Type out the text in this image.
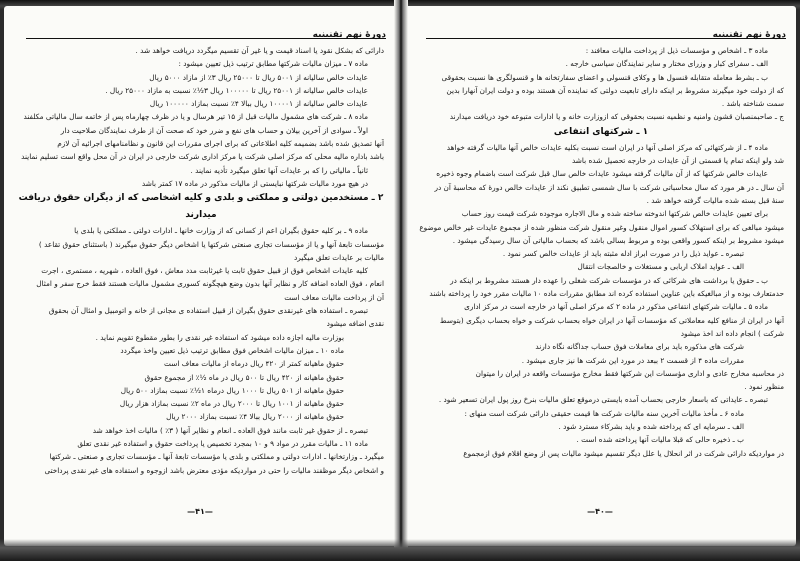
دورهٔ نهم تقنینیه
دارائی که بشکل نقود یا اسناد قیمت و یا غیر آن تقسیم میگردد دریافت خواهد شد .
ماده ۷ ـ میزان مالیات شرکتها مطابق ترتیب ذیل تعیین میشود :
عایدات خالص سالیانه از ۵۰۰۱ ریال تا ۲۵۰۰۰ ریال ۳٪ از مازاد ۵۰۰۰ ریال
عایدات خالص سالیانه از ۲۵۰۰۱ ریال تا ۱۰۰۰۰۰ ریال ۳½٪ نسبت به مازاد ۲۵۰۰۰ ریال .
عایدات خالص سالیانه از ۱۰۰۰۰۱ ریال ببالا ۴٪ نسبت بمازاد ۱۰۰۰۰۰ ریال
ماده ۸ ـ شرکت های مشمول مالیات قبل از ۱۵ تیر هرسال و یا در ظرف چهارماه پس از خاتمه سال مالیاتی مکلفند
اولاً ـ سوادی از آخرین بیلان و حساب های نفع و ضرر خود که صحت آن از طرف نمایندگان صلاحیت دار
آنها تصدیق شده باشد بضمیمه کلیه اطلاعاتی که برای اجرای مقررات این قانون و نظامنامهای اجرائیه آن لازم
باشد باداره مالیه محلی که مرکز اصلی شرکت یا مرکز اداری شرکت خارجی در ایران در آن محل واقع است تسلیم نمایند
ثانیاً ـ مالیاتی را که بر عایدات آنها تعلق میگیرد تأدیه نمایند .
در هیچ مورد مالیات شرکتها نبایستی از مالیات مذکور در ماده ۱۷ کمتر باشد
۲ ـ مستخدمین دولتی و مملکتی و بلدی و کلیه اشخاصی که از دیگران حقوق دریافت میدارند
ماده ۹ ـ بر کلیه حقوق بگیران اعم از کسانی که از وزارت خانها ـ ادارات دولتی ـ مملکتی یا بلدی یا
مؤسسات تابعهٔ آنها و یا از مؤسسات تجاری صنعتی شرکتها یا اشخاص دیگر حقوق میگیرند ( باستثنای حقوق تقاعد )
مالیات بر عایدات تعلق میگیرد
کلیه عایدات اشخاص فوق از قبیل حقوق ثابت یا غیرثابت مدد معاش ، فوق العاده ، شهریه ، مستمری ، اجرت
انعام ، فوق العاده اضافه کار و نظایر آنها بدون وضع هیچگونه کسوری مشمول مالیات هستند فقط خرج سفر و امثال
آن از پرداخت مالیات معاف است
تبصره ـ استفاده های غیرنقدی حقوق بگیران از قبیل استفاده ی مجانی از خانه و اتومبیل و امثال آن بحقوق
نقدی اضافه میشود
بوزارت مالیه اجازه داده میشود که استفاده غیر نقدی را بطور مقطوع تقویم نماید .
ماده ۱۰ ـ میزان مالیات اشخاص فوق مطابق ترتیب ذیل تعیین واخذ میگردد
حقوق ماهیانه کمتر از ۴۲۰ ریال درماه از مالیات معاف است
حقوق ماهیانه از ۴۲۰ ریال تا ۵۰۰ ریال در ماه ½٪ از مجموع حقوق
حقوق ماهیانه از ۵۰۱ ریال تا ۱۰۰۰ ریال درماه ۱½٪ نسبت بمازاد ۵۰۰ ریال
حقوق ماهیانه از ۱۰۰۱ ریال تا ۲۰۰۰ ریال در ماه ۲٪ نسبت بمازاد هزار ریال
حقوق ماهیانه از ۲۰۰۰ ریال ببالا ۴٪ نسبت بمازاد ۲۰۰۰ ریال
تبصره ـ از حقوق غیر ثابت مانند فوق العاده ـ انعام و نظایر آنها ( ۳٪ ) مالیات اخذ خواهد شد
ماده ۱۱ ـ مالیات مقرر در مواد ۹ و ۱۰ بمجرد تخصیص یا پرداخت حقوق و استفاده غیر نقدی تعلق
میگیرد ـ وزارتخانها ـ ادارات دولتی و مملکتی و بلدی یا مؤسسات تابعهٔ آنها ـ مؤسسات تجاری و صنعتی ـ شرکتها
و اشخاص دیگر موظفند مالیات را حتی در مواردیکه مؤدی معترض باشد ازوجوه و استفاده های غیر نقدی پرداختی
—۴۱—
دورهٔ نهم تقنینیه
ماده ۳ ـ اشخاص و مؤسسات ذیل از پرداخت مالیات معافند :
الف ـ سفرای کبار و وزرای مختار و سایر نمایندگان سیاسی خارجه .
ب ـ بشرط معامله متقابله قنسول ها و وکلای قنسولی و اعضای سفارتخانه ها و قنسولگری ها نسبت بحقوقی
که از دولت خود میگیرند مشروط بر اینکه دارای تابعیت دولتی که نماینده آن هستند بوده و دولت ایران آنهارا بدین
سمت شناخته باشد .
ج ـ صاحبمنصبان قشون وامنیه و نظمیه نسبت بحقوقی که ازوزارت خانه و یا ادارات متبوعه خود دریافت میدارند
۱ ـ شرکتهای انتفاعی
ماده ۴ ـ از شرکتهائی که مرکز اصلی آنها در ایران است نسبت بکلیه عایدات خالص آنها مالیات گرفته خواهد
شد ولو اینکه تمام یا قسمتی از آن عایدات در خارجه تحصیل شده باشد
عایدات خالص شرکتها که از آن مالیات گرفته میشود عایدات خالص سال قبل شرکت است باضمام وجوه ذخیره
آن سال ـ در هر مورد که سال محاسباتی شرکت با سال شمسی تطبیق نکند از عایدات خالص دورهٔ که محاسبهٔ آن در
سنهٔ قبل بسته شده مالیات گرفته خواهد شد .
برای تعیین عایدات خالص شرکتها اندوخته ساخته شده و مال الاجاره موجوده شرکت قیمت روز حساب
میشود مبالغی که برای استهلاک کسور اموال منقول وغیر منقول شرکت منظور شده از مجموع عایدات غیر خالص موضوع
میشود مشروط بر اینکه کسور واقعی بوده و مربوط بسالی باشد که بحساب مالیاتی آن سال رسیدگی میشود .
تبصره ـ عواید ذیل را در صورت ابراز ادله مثبته باید از عایدات خالص کسر نمود .
الف ـ عواید املاک اربابی و مستغلات و خالصجات انتقال
ب ـ حقوق یا برداشت های شرکائی که در مؤسسات شرکت شغلی را عهده دار هستند مشروط بر اینکه در
حدمتعارف بوده و از مبالغیکه باین عناوین استفاده کرده اند مطابق مقررات ماده ۱۰ مالیات مقرر خود را پرداخته باشند
ماده ۵ ـ مالیات شرکتهای انتفاعی مذکور در ماده ۲ که مرکز اصلی آنها در خارجه است در مرکز اداری
آنها در ایران از منافع کلیه معاملاتی که مؤسسات آنها در ایران خواه بحساب شرکت و خواه بحساب دیگری (بتوسط
شرکت ) انجام داده اند اخذ میشود
شرکت های مذکوره باید برای معاملات فوق حساب جداگانه نگاه دارند
مقررات ماده ۴ از قسمت ۲ ببعد در مورد این شرکت ها نیز جاری میشود .
در محاسبه مخارج عادی و اداری مؤسسات این شرکتها فقط مخارج مؤسسات واقعه در ایران را میتوان
منظور نمود .
تبصره ـ عایداتی که باسعار خارجی بحساب آمده بایستی درموقع تعلق مالیات بنرخ روز پول ایران تسعیر شود .
ماده ۶ ـ مأخذ مالیات آخرین سنه مالیات شرکت ها قیمت حقیقی دارائی شرکت است منهای :
الف ـ سرمایه ای که پرداخته شده و باید بشرکاء مسترد شود .
ب ـ ذخیره حالی که قبلا مالیات آنها پرداخته شده است .
در مواردیکه دارائی شرکت در اثر انحلال یا علل دیگر تقسیم میشود مالیات پس از وضع اقلام فوق ازمجموع
—۴۰—
